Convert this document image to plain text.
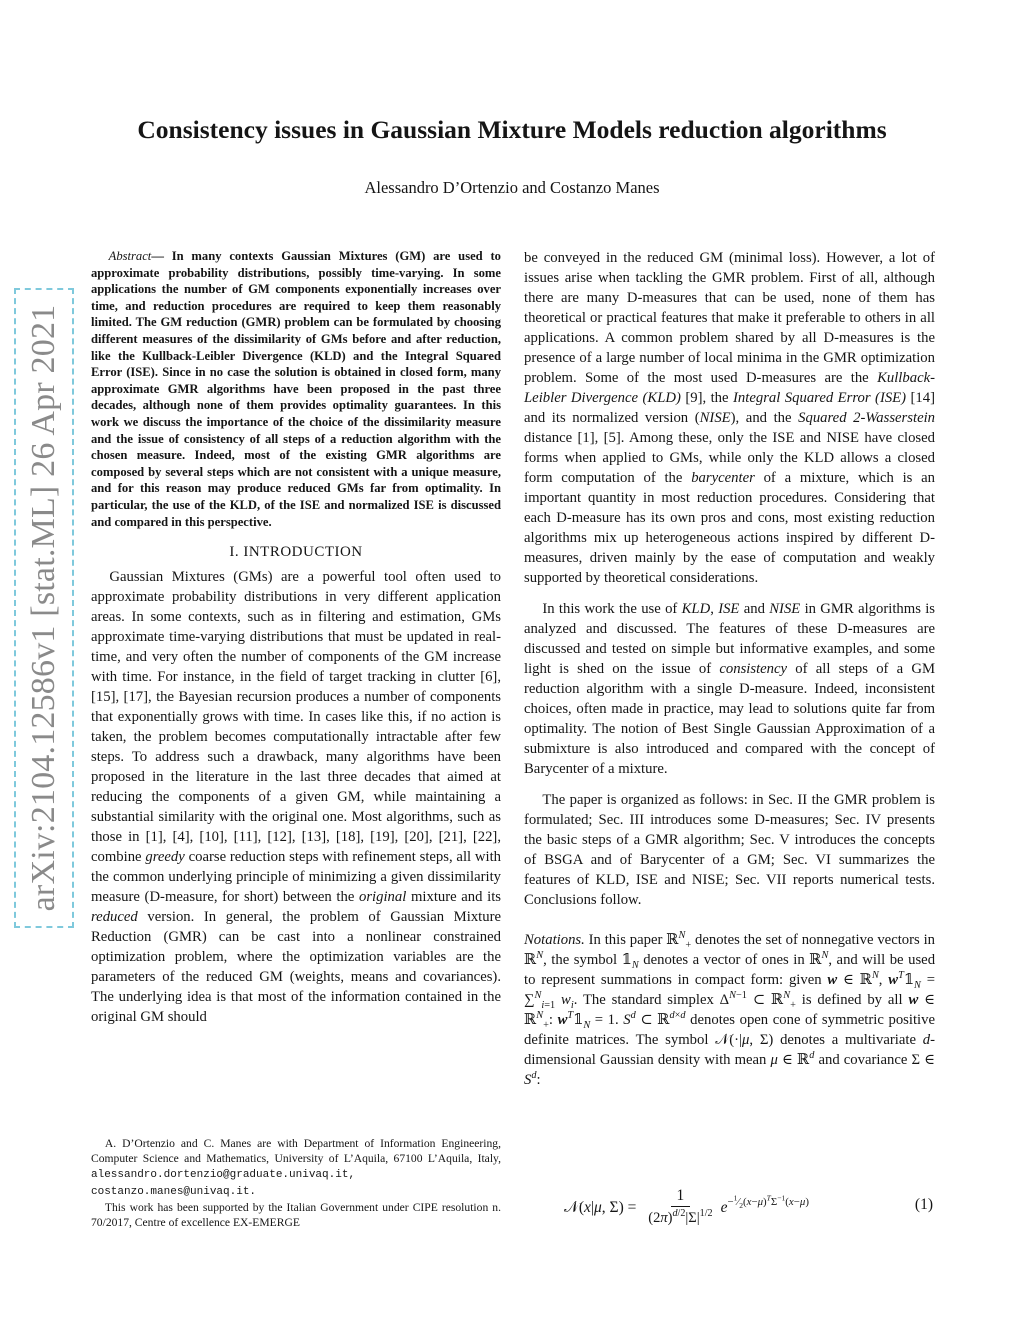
arXiv:2104.12586v1 [stat.ML] 26 Apr 2021
Consistency issues in Gaussian Mixture Models reduction algorithms
Alessandro D’Ortenzio and Costanzo Manes

Abstract— In many contexts Gaussian Mixtures (GM) are used to approximate probability distributions, possibly time-varying. In some applications the number of GM components exponentially increases over time, and reduction procedures are required to keep them reasonably limited. The GM reduction (GMR) problem can be formulated by choosing different measures of the dissimilarity of GMs before and after reduction, like the Kullback-Leibler Divergence (KLD) and the Integral Squared Error (ISE). Since in no case the solution is obtained in closed form, many approximate GMR algorithms have been proposed in the past three decades, although none of them provides optimality guarantees. In this work we discuss the importance of the choice of the dissimilarity measure and the issue of consistency of all steps of a reduction algorithm with the chosen measure. Indeed, most of the existing GMR algorithms are composed by several steps which are not consistent with a unique measure, and for this reason may produce reduced GMs far from optimality. In particular, the use of the KLD, of the ISE and normalized ISE is discussed and compared in this perspective.

I. INTRODUCTION

Gaussian Mixtures (GMs) are a powerful tool often used to approximate probability distributions in very different application areas. In some contexts, such as in filtering and estimation, GMs approximate time-varying distributions that must be updated in real-time, and very often the number of components of the GM increase with time. For instance, in the field of target tracking in clutter [6], [15], [17], the Bayesian recursion produces a number of components that exponentially grows with time. In cases like this, if no action is taken, the problem becomes computationally intractable after few steps. To address such a drawback, many algorithms have been proposed in the literature in the last three decades that aimed at reducing the components of a given GM, while maintaining a substantial similarity with the original one. Most algorithms, such as those in [1], [4], [10], [11], [12], [13], [18], [19], [20], [21], [22], combine greedy coarse reduction steps with refinement steps, all with the common underlying principle of minimizing a given dissimilarity measure (D-measure, for short) between the original mixture and its reduced version. In general, the problem of Gaussian Mixture Reduction (GMR) can be cast into a nonlinear constrained optimization problem, where the optimization variables are the parameters of the reduced GM (weights, means and covariances). The underlying idea is that most of the information contained in the original GM should

A. D’Ortenzio and C. Manes are with Department of Information Engineering, Computer Science and Mathematics, University of L’Aquila, 67100 L’Aquila, Italy, alessandro.dortenzio@graduate.univaq.it, costanzo.manes@univaq.it.

This work has been supported by the Italian Government under CIPE resolution n. 70/2017, Centre of excellence EX-EMERGE

be conveyed in the reduced GM (minimal loss). However, a lot of issues arise when tackling the GMR problem. First of all, although there are many D-measures that can be used, none of them has theoretical or practical features that make it preferable to others in all applications. A common problem shared by all D-measures is the presence of a large number of local minima in the GMR optimization problem. Some of the most used D-measures are the Kullback-Leibler Divergence (KLD) [9], the Integral Squared Error (ISE) [14] and its normalized version (NISE), and the Squared 2-Wasserstein distance [1], [5]. Among these, only the ISE and NISE have closed forms when applied to GMs, while only the KLD allows a closed form computation of the barycenter of a mixture, which is an important quantity in most reduction procedures. Considering that each D-measure has its own pros and cons, most existing reduction algorithms mix up heterogeneous actions inspired by different D-measures, driven mainly by the ease of computation and weakly supported by theoretical considerations.

In this work the use of KLD, ISE and NISE in GMR algorithms is analyzed and discussed. The features of these D-measures are discussed and tested on simple but informative examples, and some light is shed on the issue of consistency of all steps of a GM reduction algorithm with a single D-measure. Indeed, inconsistent choices, often made in practice, may lead to solutions quite far from optimality. The notion of Best Single Gaussian Approximation of a submixture is also introduced and compared with the concept of Barycenter of a mixture.

The paper is organized as follows: in Sec. II the GMR problem is formulated; Sec. III introduces some D-measures; Sec. IV presents the basic steps of a GMR algorithm; Sec. V introduces the concepts of BSGA and of Barycenter of a GM; Sec. VI summarizes the features of KLD, ISE and NISE; Sec. VII reports numerical tests. Conclusions follow.

Notations. In this paper ℝ$^N_+$ denotes the set of nonnegative vectors in ℝ$^N$, the symbol $𝟙_N$ denotes a vector of ones in ℝ$^N$, and will be used to represent summations in compact form: given w ∈ ℝ$^N$, $w^T𝟙_N = \sum^N_{i=1}$ $w_i$. The standard simplex $\Delta^{N-1}$ ⊂ ℝ$^N_+$ is defined by all w ∈ ℝ$^N_+$: $w^T𝟙_N = 1$. $S^d$ ⊂ ℝ$^{d\times d}$ denotes open cone of symmetric positive definite matrices. The symbol 𝒩(·|μ, Σ) denotes a multivariate d-dimensional Gaussian density with mean μ ∈ ℝ$^d$ and covariance Σ ∈ $S^d$:

𝒩(x|μ, $\Sigma) = \frac{1}{(2\pi)^{d/2}|\Sigma|^{1/2}} e^{-^1⁄_2(x-\mu)^T\Sigma^{-1}(x-\mu)}$	(1)
